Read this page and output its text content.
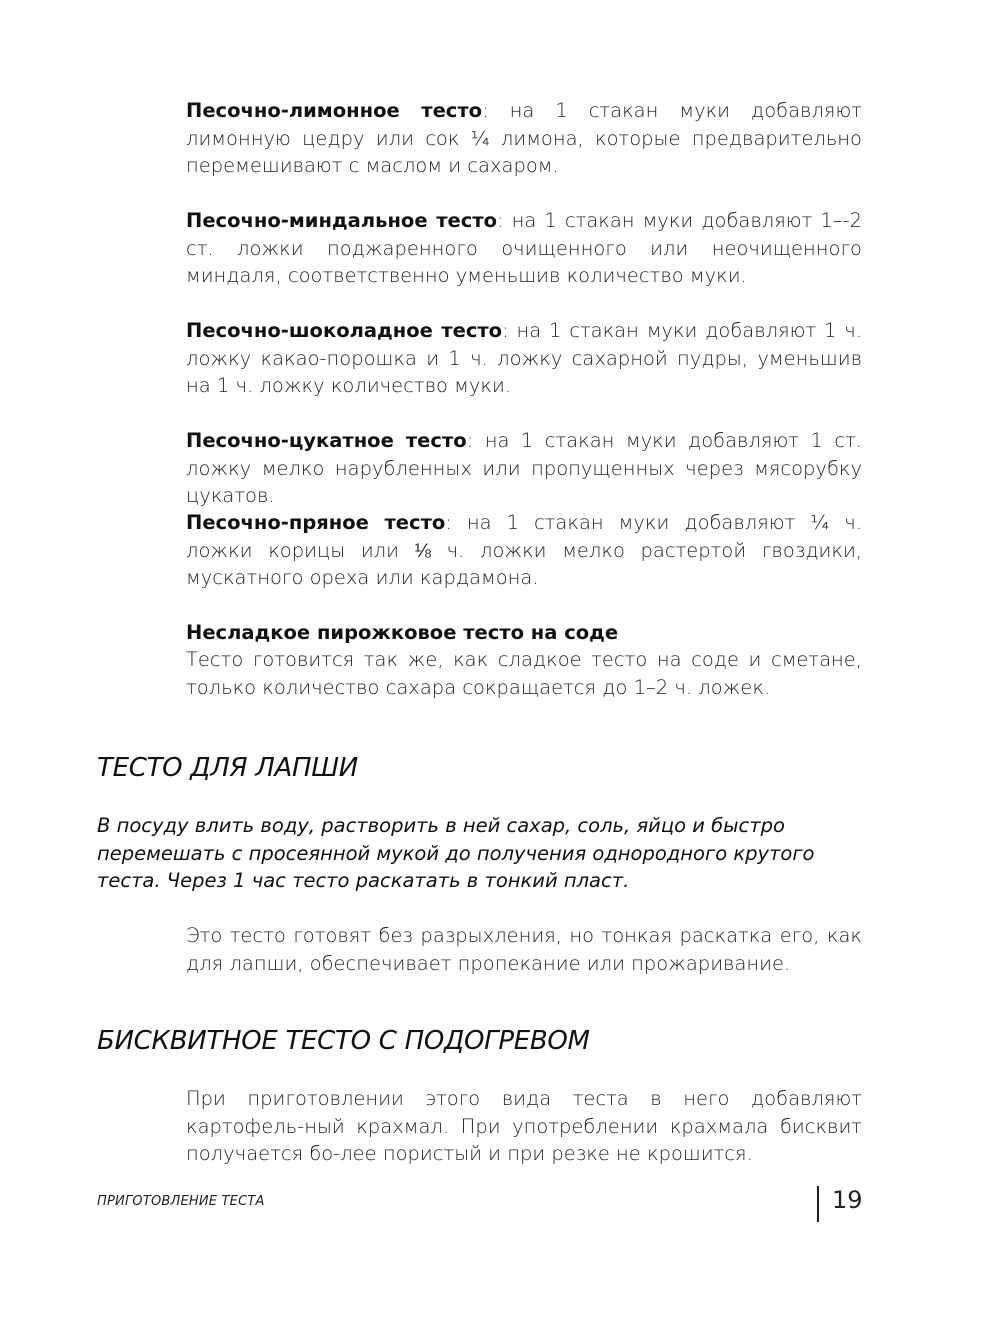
Песочно-лимонное тесто: на 1 стакан муки добавляют лимонную цедру или сок ¼ лимона, которые предварительно перемешивают с маслом и сахаром.

Песочно-миндальное тесто: на 1 стакан муки добавляют 1–-2 ст. ложки поджаренного очищенного или неочищенного миндаля, соответственно уменьшив количество муки.

Песочно-шоколадное тесто: на 1 стакан муки добавляют 1 ч. ложку какао-порошка и 1 ч. ложку сахарной пудры, уменьшив на 1 ч. ложку количество муки.

Песочно-цукатное тесто: на 1 стакан муки добавляют 1 ст. ложку мелко нарубленных или пропущенных через мясорубку цукатов.

Песочно-пряное тесто: на 1 стакан муки добавляют ¼ ч. ложки корицы или ⅛ ч. ложки мелко растертой гвоздики, мускатного ореха или кардамона.

Несладкое пирожковое тесто на соде

Тесто готовится так же, как сладкое тесто на соде и сметане, только количество сахара сокращается до 1–2 ч. ложек.

ТЕСТО ДЛЯ ЛАПШИ

В посуду влить воду, растворить в ней сахар, соль, яйцо и быстро перемешать с просеянной мукой до получения однородного крутого теста. Через 1 час тесто раскатать в тонкий пласт.

Это тесто готовят без разрыхления, но тонкая раскатка его, как для лапши, обеспечивает пропекание или прожаривание.

БИСКВИТНОЕ ТЕСТО С ПОДОГРЕВОМ

При приготовлении этого вида теста в него добавляют картофель-ный крахмал. При употреблении крахмала бисквит получается бо-лее пористый и при резке не крошится.

ПРИГОТОВЛЕНИЕ ТЕСТА	19
